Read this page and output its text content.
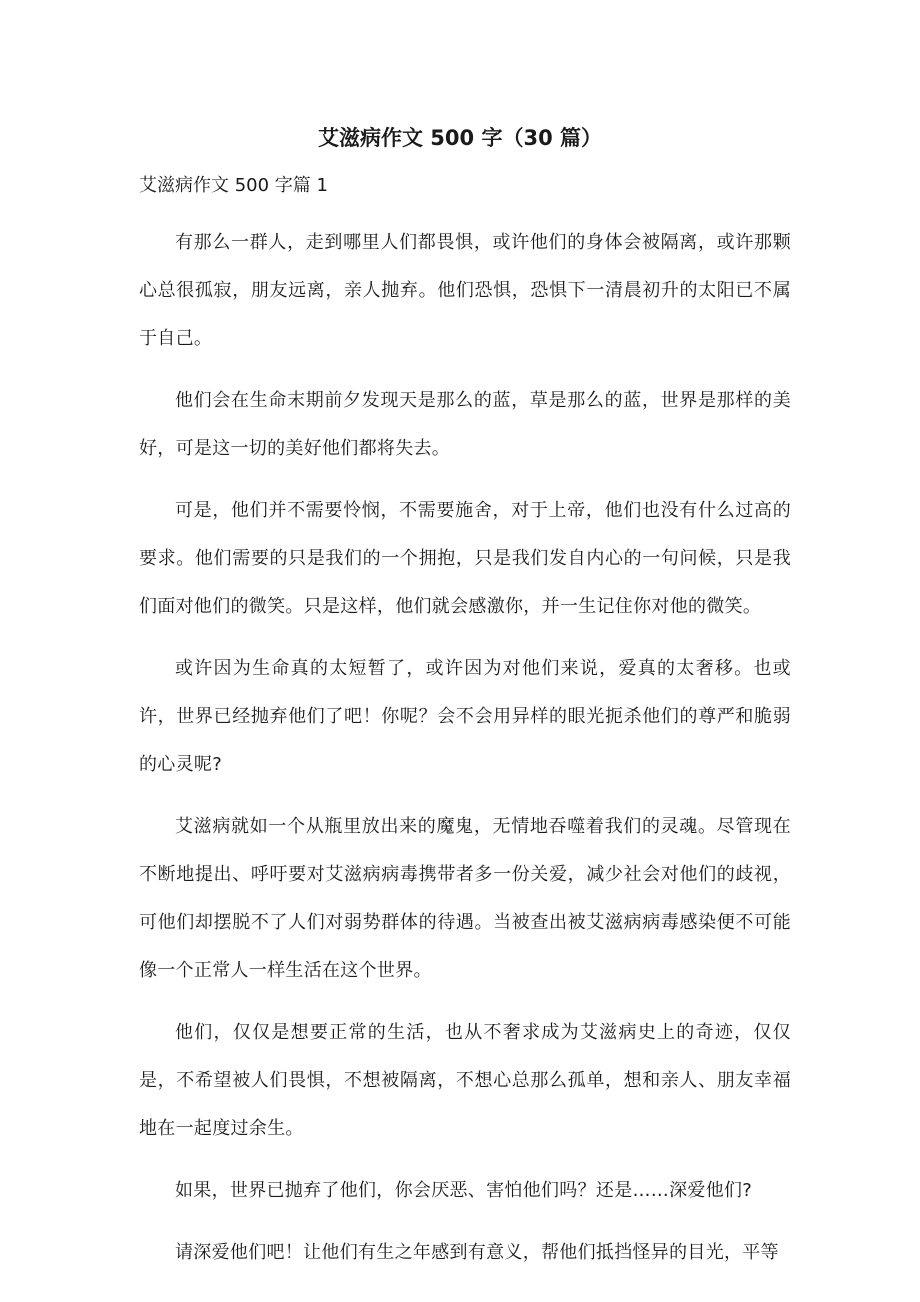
艾滋病作文 500 字（30 篇）

艾滋病作文 500 字篇 1

有那么一群人，走到哪里人们都畏惧，或许他们的身体会被隔离，或许那颗心总很孤寂，朋友远离，亲人抛弃。他们恐惧，恐惧下一清晨初升的太阳已不属于自己。

他们会在生命末期前夕发现天是那么的蓝，草是那么的蓝，世界是那样的美好，可是这一切的美好他们都将失去。

可是，他们并不需要怜悯，不需要施舍，对于上帝，他们也没有什么过高的要求。他们需要的只是我们的一个拥抱，只是我们发自内心的一句问候，只是我们面对他们的微笑。只是这样，他们就会感激你，并一生记住你对他的微笑。

或许因为生命真的太短暂了，或许因为对他们来说，爱真的太奢移。也或许，世界已经抛弃他们了吧！你呢？会不会用异样的眼光扼杀他们的尊严和脆弱的心灵呢?

艾滋病就如一个从瓶里放出来的魔鬼，无情地吞噬着我们的灵魂。尽管现在不断地提出、呼吁要对艾滋病病毒携带者多一份关爱，减少社会对他们的歧视，可他们却摆脱不了人们对弱势群体的待遇。当被查出被艾滋病病毒感染便不可能像一个正常人一样生活在这个世界。

他们，仅仅是想要正常的生活，也从不奢求成为艾滋病史上的奇迹，仅仅是，不希望被人们畏惧，不想被隔离，不想心总那么孤单，想和亲人、朋友幸福地在一起度过余生。

如果，世界已抛弃了他们，你会厌恶、害怕他们吗？还是……深爱他们?

请深爱他们吧！让他们有生之年感到有意义，帮他们抵挡怪异的目光，平等
